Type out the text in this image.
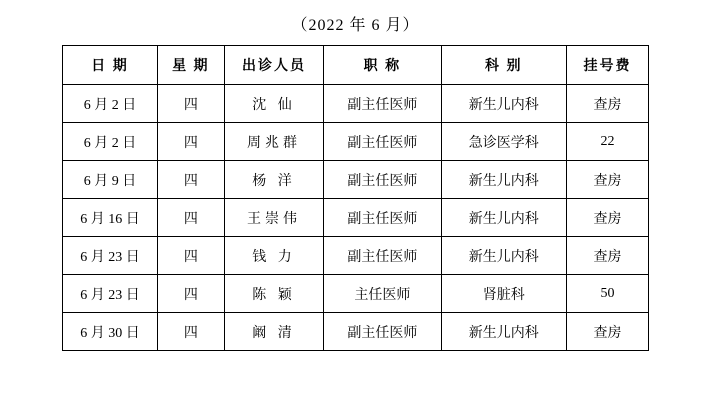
（2022 年 6 月）
日 期	星 期	出诊人员	职 称	科 别	挂号费
6 月 2 日	四	沈 仙	副主任医师	新生儿内科	查房
6 月 2 日	四	周兆群	副主任医师	急诊医学科	22
6 月 9 日	四	杨 洋	副主任医师	新生儿内科	查房
6 月 16 日	四	王崇伟	副主任医师	新生儿内科	查房
6 月 23 日	四	钱 力	副主任医师	新生儿内科	查房
6 月 23 日	四	陈 颖	主任医师	肾脏科	50
6 月 30 日	四	阚 清	副主任医师	新生儿内科	查房
